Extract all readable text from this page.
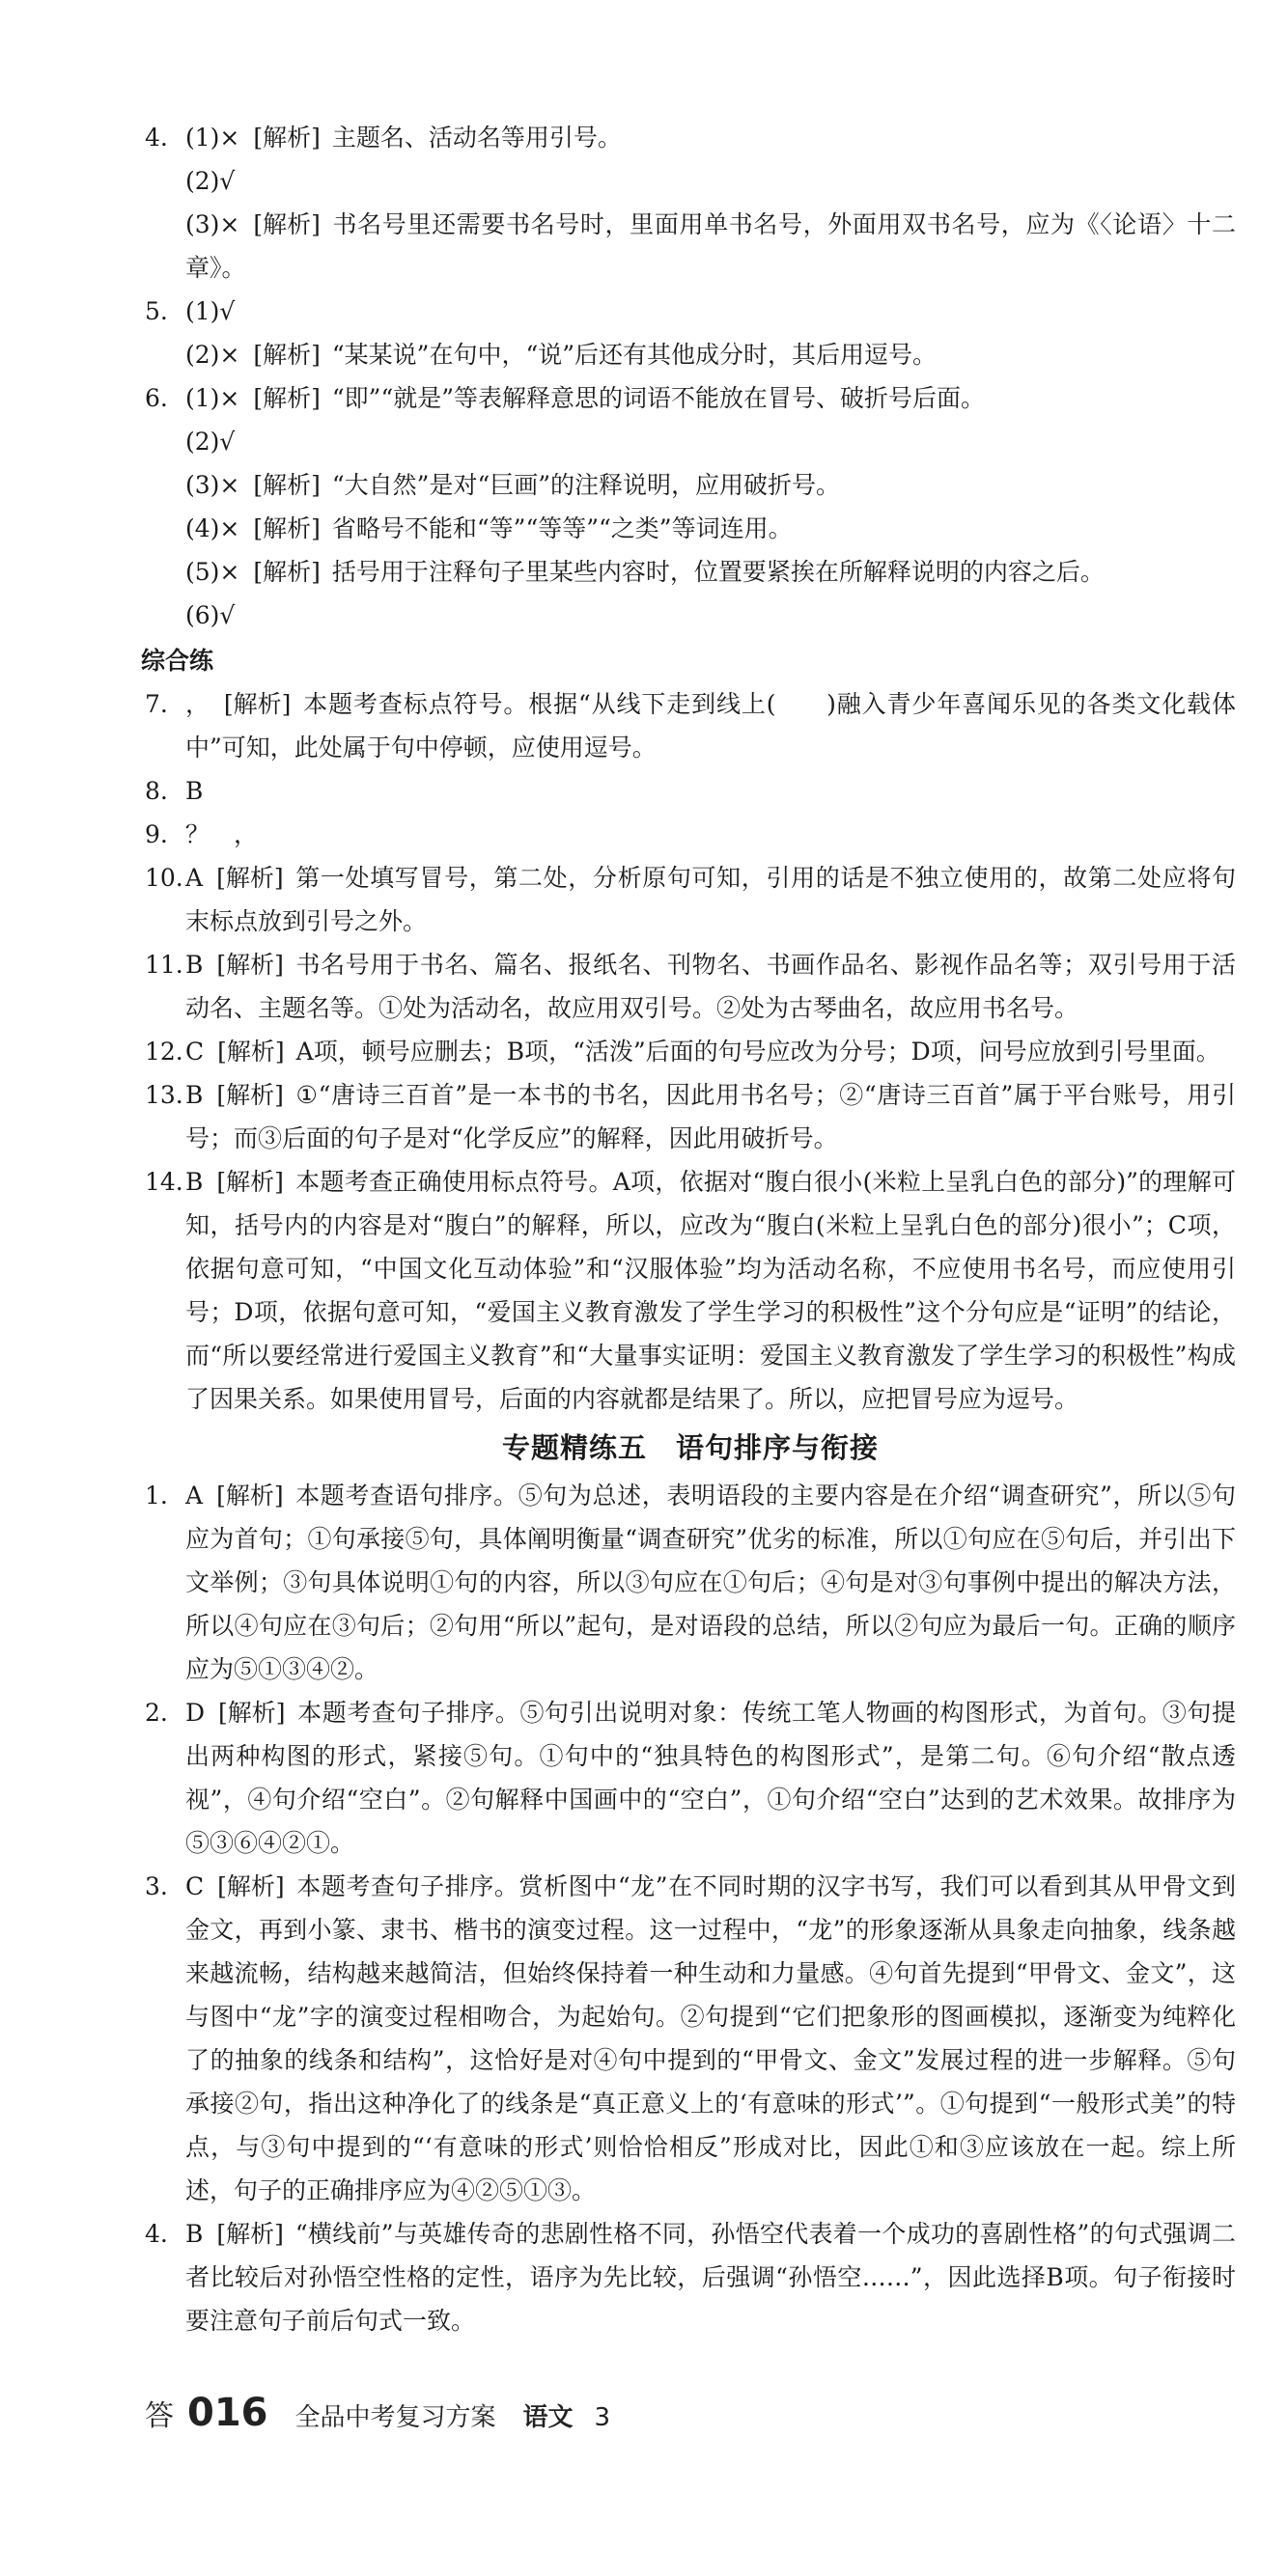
4. (1)× [解析] 主题名、活动名等用引号。
(2)√
(3)× [解析] 书名号里还需要书名号时，里面用单书名号，外面用双书名号，应为《〈论语〉十二章》。
5. (1)√
(2)× [解析] “某某说”在句中，“说”后还有其他成分时，其后用逗号。
6. (1)× [解析] “即”“就是”等表解释意思的词语不能放在冒号、破折号后面。
(2)√
(3)× [解析] “大自然”是对“巨画”的注释说明，应用破折号。
(4)× [解析] 省略号不能和“等”“等等”“之类”等词连用。
(5)× [解析] 括号用于注释句子里某些内容时，位置要紧挨在所解释说明的内容之后。
(6)√
综合练
7. ， [解析] 本题考查标点符号。根据“从线下走到线上(　　)融入青少年喜闻乐见的各类文化载体中”可知，此处属于句中停顿，应使用逗号。
8. B
9. ？　，
10. A [解析] 第一处填写冒号，第二处，分析原句可知，引用的话是不独立使用的，故第二处应将句末标点放到引号之外。
11. B [解析] 书名号用于书名、篇名、报纸名、刊物名、书画作品名、影视作品名等；双引号用于活动名、主题名等。①处为活动名，故应用双引号。②处为古琴曲名，故应用书名号。
12. C [解析] A项，顿号应删去；B项，“活泼”后面的句号应改为分号；D项，问号应放到引号里面。
13. B [解析] ①“唐诗三百首”是一本书的书名，因此用书名号；②“唐诗三百首”属于平台账号，用引号；而③后面的句子是对“化学反应”的解释，因此用破折号。
14. B [解析] 本题考查正确使用标点符号。A项，依据对“腹白很小(米粒上呈乳白色的部分)”的理解可知，括号内的内容是对“腹白”的解释，所以，应改为“腹白(米粒上呈乳白色的部分)很小”；C项，依据句意可知，“中国文化互动体验”和“汉服体验”均为活动名称，不应使用书名号，而应使用引号；D项，依据句意可知，“爱国主义教育激发了学生学习的积极性”这个分句应是“证明”的结论，而“所以要经常进行爱国主义教育”和“大量事实证明：爱国主义教育激发了学生学习的积极性”构成了因果关系。如果使用冒号，后面的内容就都是结果了。所以，应把冒号应为逗号。
专题精练五　语句排序与衔接
1. A [解析] 本题考查语句排序。⑤句为总述，表明语段的主要内容是在介绍“调查研究”，所以⑤句应为首句；①句承接⑤句，具体阐明衡量“调查研究”优劣的标准，所以①句应在⑤句后，并引出下文举例；③句具体说明①句的内容，所以③句应在①句后；④句是对③句事例中提出的解决方法，所以④句应在③句后；②句用“所以”起句，是对语段的总结，所以②句应为最后一句。正确的顺序应为⑤①③④②。
2. D [解析] 本题考查句子排序。⑤句引出说明对象：传统工笔人物画的构图形式，为首句。③句提出两种构图的形式，紧接⑤句。①句中的“独具特色的构图形式”，是第二句。⑥句介绍“散点透视”，④句介绍“空白”。②句解释中国画中的“空白”，①句介绍“空白”达到的艺术效果。故排序为⑤③⑥④②①。
3. C [解析] 本题考查句子排序。赏析图中“龙”在不同时期的汉字书写，我们可以看到其从甲骨文到金文，再到小篆、隶书、楷书的演变过程。这一过程中，“龙”的形象逐渐从具象走向抽象，线条越来越流畅，结构越来越简洁，但始终保持着一种生动和力量感。④句首先提到“甲骨文、金文”，这与图中“龙”字的演变过程相吻合，为起始句。②句提到“它们把象形的图画模拟，逐渐变为纯粹化了的抽象的线条和结构”，这恰好是对④句中提到的“甲骨文、金文”发展过程的进一步解释。⑤句承接②句，指出这种净化了的线条是“真正意义上的‘有意味的形式’”。①句提到“一般形式美”的特点，与③句中提到的“‘有意味的形式’则恰恰相反”形成对比，因此①和③应该放在一起。综上所述，句子的正确排序应为④②⑤①③。
4. B [解析] “横线前”与英雄传奇的悲剧性格不同，孙悟空代表着一个成功的喜剧性格”的句式强调二者比较后对孙悟空性格的定性，语序为先比较，后强调“孙悟空……”，因此选择B项。句子衔接时要注意句子前后句式一致。
答 016 全品中考复习方案 语文 3
